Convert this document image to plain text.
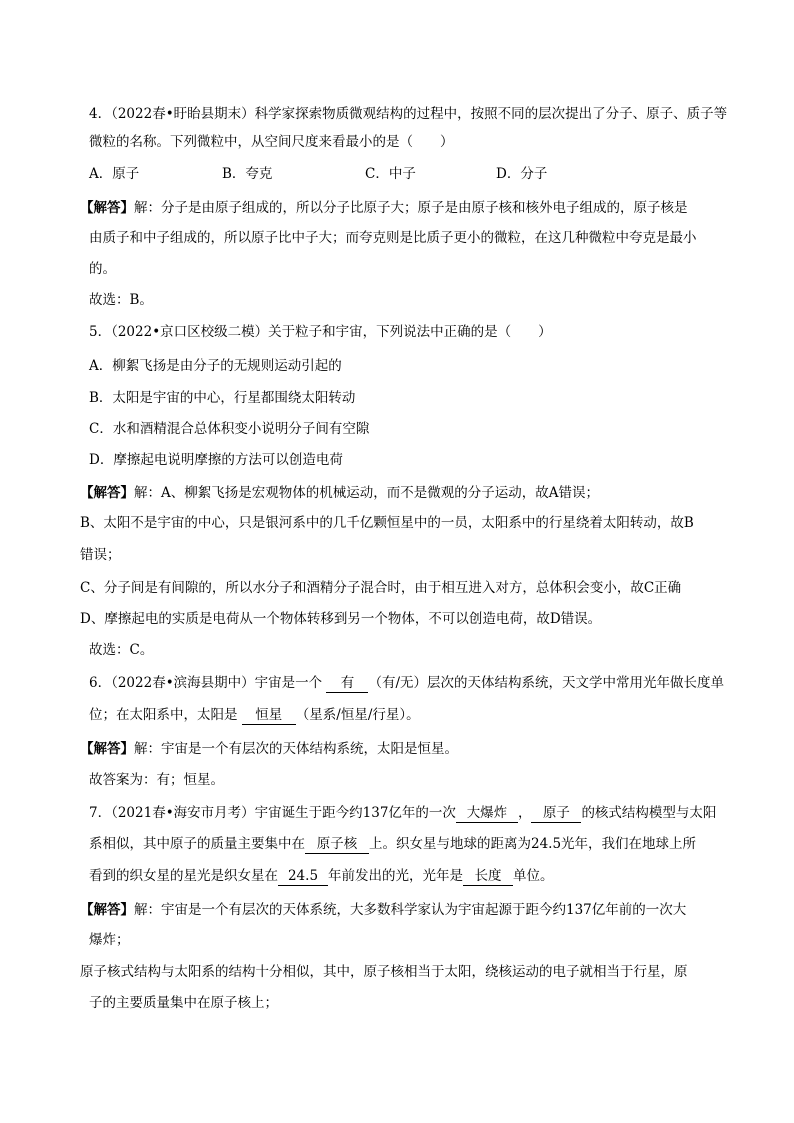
4．（2022春•盱眙县期末）科学家探索物质微观结构的过程中，按照不同的层次提出了分子、原子、质子等
微粒的名称。下列微粒中，从空间尺度来看最小的是（　　）
A．原子	B．夸克	C．中子	D．分子
【解答】解：分子是由原子组成的，所以分子比原子大；原子是由原子核和核外电子组成的，原子核是
由质子和中子组成的，所以原子比中子大；而夸克则是比质子更小的微粒，在这几种微粒中夸克是最小
的。
故选：B。
5．（2022•京口区校级二模）关于粒子和宇宙，下列说法中正确的是（　　）
A．柳絮飞扬是由分子的无规则运动引起的
B．太阳是宇宙的中心，行星都围绕太阳转动
C．水和酒精混合总体积变小说明分子间有空隙
D．摩擦起电说明摩擦的方法可以创造电荷
【解答】解：A、柳絮飞扬是宏观物体的机械运动，而不是微观的分子运动，故A错误；
B、太阳不是宇宙的中心，只是银河系中的几千亿颗恒星中的一员，太阳系中的行星绕着太阳转动，故B
错误；
C、分子间是有间隙的，所以水分子和酒精分子混合时，由于相互进入对方，总体积会变小，故C正确
D、摩擦起电的实质是电荷从一个物体转移到另一个物体，不可以创造电荷，故D错误。
故选：C。
6．（2022春•滨海县期中）宇宙是一个 有 （有/无）层次的天体结构系统，天文学中常用光年做长度单
位；在太阳系中，太阳是 恒星 （星系/恒星/行星）。
【解答】解：宇宙是一个有层次的天体结构系统，太阳是恒星。
故答案为：有；恒星。
7．（2021春•海安市月考）宇宙诞生于距今约137亿年的一次 大爆炸 ， 原子 的核式结构模型与太阳
系相似，其中原子的质量主要集中在 原子核 上。织女星与地球的距离为24.5光年，我们在地球上所
看到的织女星的星光是织女星在 24.5 年前发出的光，光年是 长度 单位。
【解答】解：宇宙是一个有层次的天体系统，大多数科学家认为宇宙起源于距今约137亿年前的一次大
爆炸；
原子核式结构与太阳系的结构十分相似，其中，原子核相当于太阳，绕核运动的电子就相当于行星，原
子的主要质量集中在原子核上；
